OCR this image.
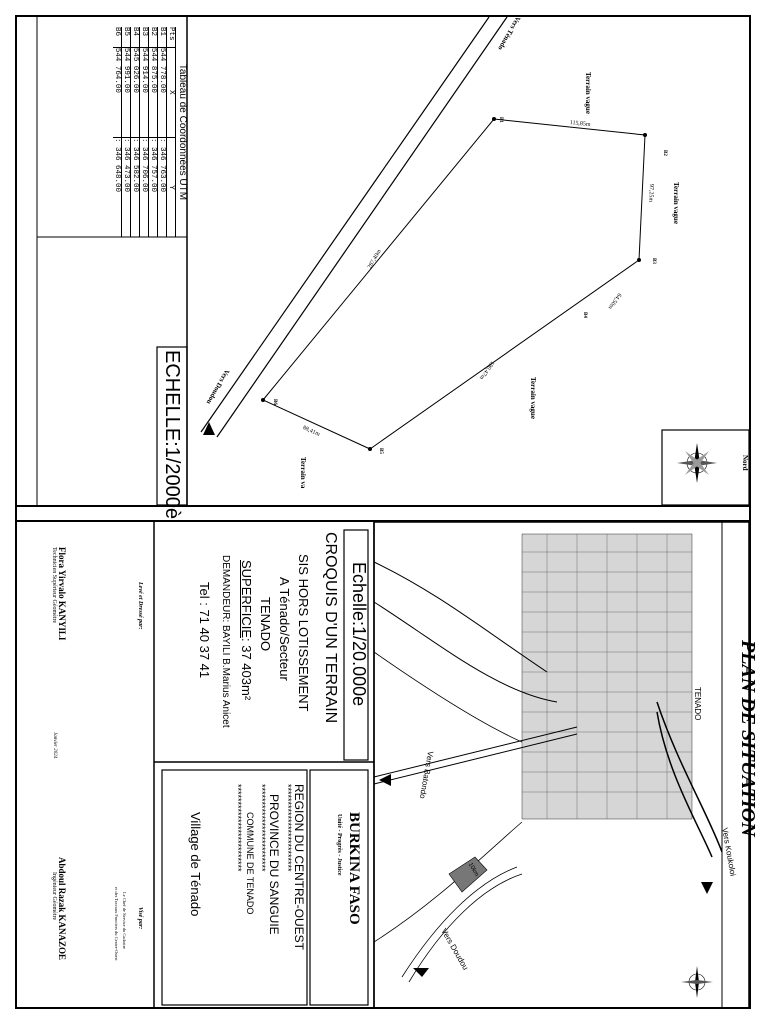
Tableau de Coordonnées UTM
Pts
X
Y
B1
544 778.00
: 346 763.00
B2
544 875.00
: 346 757.00
B3
544 914.00
: 346 706.00
B4
545 026.00
: 346 582.00
B5
544 991.00
: 346 473.00
B6
544 764.00
: 346 648.00
ECHELLE:1/2000è
Vers Ténado
Vers Doudou
Terrain vague
Terrain vague
Terrain vague
Terrain va	Nord
115,85m
97,25m
64,50m
190,47m
88,41m
287,40m
B1
B2
B3
B4
B5
B6
Echelle:1/20.000e
CROQUIS D'UN TERRAIN
SIS HORS LOTISSEMENT
A Ténado/Secteur
TENADO
SUPERFICIE: 37 403m²
DEMANDEUR: BAYILI B.Marius Anicet
Tel : 71 40 37 41
BURKINA FASO
Unité - Progrès - Justice
REGION DU CENTRE-OUEST
*************************
PROVINCE DU SANGUIE
*************************
COMMUNE DE TENADO
*************************
Village de Ténado
Levé et Dressé par:
Flora Yirvalo KANYILI
Technicien Supérieur Géomètre
Janvier 2024
Visé par:
Le Chef de Service du Cadastre
et des Travaux Fonciers du Centre-Ouest
Abdoul Razak KANAZOE
Ingénieur Géomètre
PLAN DE SITUATION
Vers Koukoloi
Vers Batondo
Vers Doudou
TENADO
10km
